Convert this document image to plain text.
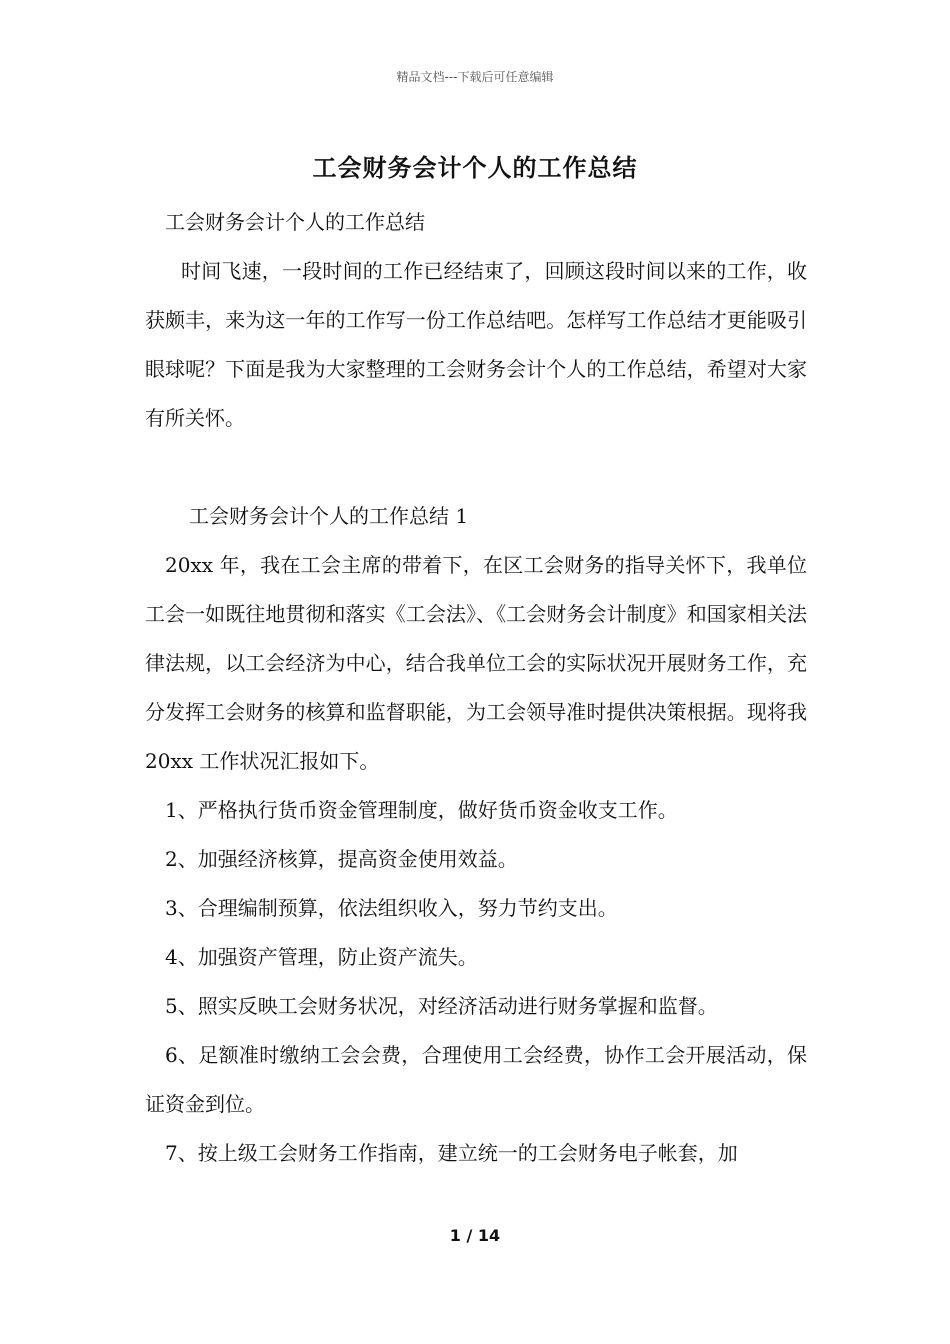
精品文档---下载后可任意编辑
工会财务会计个人的工作总结

工会财务会计个人的工作总结

时间飞速，一段时间的工作已经结束了，回顾这段时间以来的工作，收获颇丰，来为这一年的工作写一份工作总结吧。怎样写工作总结才更能吸引眼球呢？下面是我为大家整理的工会财务会计个人的工作总结，希望对大家有所关怀。

工会财务会计个人的工作总结 1

20xx 年，我在工会主席的带着下，在区工会财务的指导关怀下，我单位工会一如既往地贯彻和落实《工会法》、《工会财务会计制度》和国家相关法律法规，以工会经济为中心，结合我单位工会的实际状况开展财务工作，充分发挥工会财务的核算和监督职能，为工会领导准时提供决策根据。现将我 20xx 工作状况汇报如下。

1、严格执行货币资金管理制度，做好货币资金收支工作。

2、加强经济核算，提高资金使用效益。

3、合理编制预算，依法组织收入，努力节约支出。

4、加强资产管理，防止资产流失。

5、照实反映工会财务状况，对经济活动进行财务掌握和监督。

6、足额准时缴纳工会会费，合理使用工会经费，协作工会开展活动，保证资金到位。

7、按上级工会财务工作指南，建立统一的工会财务电子帐套，加

1 / 14
